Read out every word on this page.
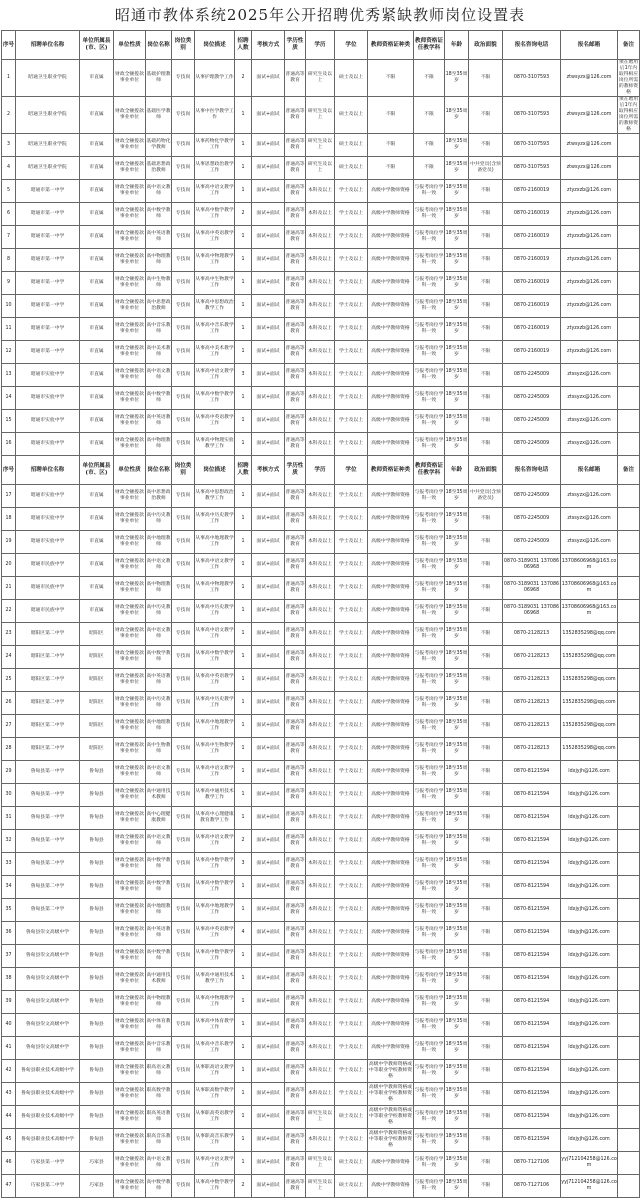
昭通市教体系统2025年公开招聘优秀紧缺教师岗位设置表
序号	招聘单位名称	单位所属县(市、区)	单位性质	岗位名称	岗位类别	岗位描述	招聘人数	考核方式	学历性质	学历	学位	教师资格证种类	教师资格证任教学科	年龄	政治面貌	报名咨询电话	报名邮箱	备注
1	昭通卫生职业学院	市直属	财政全额拨款事业单位	基础护理教师	专技岗	从事护理教学工作	2	面试+面试	普通高等教育	研究生及以上	硕士及以上	不限	不限	18至35周岁	不限	0870-3107593	ztwsyzx@126.com	须在聘用后1年内取得相应岗位所需的教师资格
2	昭通卫生职业学院	市直属	财政全额拨款事业单位	基础医学教师	专技岗	从事中医学教学工作	1	面试+面试	普通高等教育	研究生及以上	硕士及以上	不限	不限	18至35周岁	不限	0870-3107593	ztwsyzx@126.com	须在聘用后1年内取得相应岗位所需的教师资格
3	昭通卫生职业学院	市直属	财政全额拨款事业单位	基础药物化学教师	专技岗	从事药物化学教学工作	1	面试+面试	普通高等教育	研究生及以上	硕士及以上	不限	不限	18至35周岁	不限	0870-3107593	ztwsyzx@126.com	
4	昭通卫生职业学院	市直属	财政全额拨款事业单位	基础思想政治教师	专技岗	从事思想政治教学工作	1	面试+面试	普通高等教育	研究生及以上	硕士及以上	不限	不限	18至35周岁	中共党员(含预备党员)	0870-3107593	ztwsyzx@126.com	
5	昭通市第一中学	市直属	财政全额拨款事业单位	高中语文教师	专技岗	从事高中语文教学工作	1	面试+面试	普通高等教育	本科及以上	学士及以上	高级中学教师资格	与报考岗位学科一致	18至35周岁	不限	0870-2160019	ztyzxzb@126.com	
6	昭通市第一中学	市直属	财政全额拨款事业单位	高中数学教师	专技岗	从事高中数学教学工作	2	面试+面试	普通高等教育	本科及以上	学士及以上	高级中学教师资格	与报考岗位学科一致	18至35周岁	不限	0870-2160019	ztyzxzb@126.com	
7	昭通市第一中学	市直属	财政全额拨款事业单位	高中英语教师	专技岗	从事高中英语教学工作	1	面试+面试	普通高等教育	本科及以上	学士及以上	高级中学教师资格	与报考岗位学科一致	18至35周岁	不限	0870-2160019	ztyzxzb@126.com	
8	昭通市第一中学	市直属	财政全额拨款事业单位	高中物理教师	专技岗	从事高中物理教学工作	1	面试+面试	普通高等教育	本科及以上	学士及以上	高级中学教师资格	与报考岗位学科一致	18至35周岁	不限	0870-2160019	ztyzxzb@126.com	
9	昭通市第一中学	市直属	财政全额拨款事业单位	高中生物教师	专技岗	从事高中生物教学工作	1	面试+面试	普通高等教育	本科及以上	学士及以上	高级中学教师资格	与报考岗位学科一致	18至35周岁	不限	0870-2160019	ztyzxzb@126.com	
10	昭通市第一中学	市直属	财政全额拨款事业单位	高中思想政治教师	专技岗	从事高中思想政治教学工作	1	面试+面试	普通高等教育	本科及以上	学士及以上	高级中学教师资格	与报考岗位学科一致	18至35周岁	不限	0870-2160019	ztyzxzb@126.com	
11	昭通市第一中学	市直属	财政全额拨款事业单位	高中音乐教师	专技岗	从事高中音乐教学工作	1	面试+面试	普通高等教育	本科及以上	学士及以上	高级中学教师资格	与报考岗位学科一致	18至35周岁	不限	0870-2160019	ztyzxzb@126.com	
12	昭通市第一中学	市直属	财政全额拨款事业单位	高中美术教师	专技岗	从事高中美术教学工作	1	面试+面试	普通高等教育	本科及以上	学士及以上	高级中学教师资格	与报考岗位学科一致	18至35周岁	不限	0870-2160019	ztyzxzb@126.com	
13	昭通市实验中学	市直属	财政全额拨款事业单位	高中语文教师	专技岗	从事高中语文教学工作	3	面试+面试	普通高等教育	本科及以上	学士及以上	高级中学教师资格	与报考岗位学科一致	18至35周岁	不限	0870-2245009	ztssyzx@126.com	
14	昭通市实验中学	市直属	财政全额拨款事业单位	高中数学教师	专技岗	从事高中数学教学工作	1	面试+面试	普通高等教育	本科及以上	学士及以上	高级中学教师资格	与报考岗位学科一致	18至35周岁	不限	0870-2245009	ztssyzx@126.com	
15	昭通市实验中学	市直属	财政全额拨款事业单位	高中英语教师	专技岗	从事高中英语教学工作	1	面试+面试	普通高等教育	本科及以上	学士及以上	高级中学教师资格	与报考岗位学科一致	18至35周岁	不限	0870-2245009	ztssyzx@126.com	
16	昭通市实验中学	市直属	财政全额拨款事业单位	高中物理教师	专技岗	从事高中物理实验教学工作	1	面试+面试	普通高等教育	本科及以上	学士及以上	高级中学教师资格	与报考岗位学科一致	18至35周岁	不限	0870-2245009	ztssyzx@126.com	
序号	招聘单位名称	单位所属县(市、区)	单位性质	岗位名称	岗位类别	岗位描述	招聘人数	考核方式	学历性质	学历	学位	教师资格证种类	教师资格证任教学科	年龄	政治面貌	报名咨询电话	报名邮箱	备注
17	昭通市实验中学	市直属	财政全额拨款事业单位	高中思想政治教师	专技岗	从事高中思想政治教学工作	1	面试+面试	普通高等教育	本科及以上	学士及以上	高级中学教师资格	与报考岗位学科一致	18至35周岁	中共党员(含预备党员)	0870-2245009	ztssyzx@126.com	
18	昭通市实验中学	市直属	财政全额拨款事业单位	高中历史教师	专技岗	从事高中历史教学工作	1	面试+面试	普通高等教育	本科及以上	学士及以上	高级中学教师资格	与报考岗位学科一致	18至35周岁	不限	0870-2245009	ztssyzx@126.com	
19	昭通市实验中学	市直属	财政全额拨款事业单位	高中地理教师	专技岗	从事高中地理教学工作	1	面试+面试	普通高等教育	本科及以上	学士及以上	高级中学教师资格	与报考岗位学科一致	18至35周岁	不限	0870-2245009	ztssyzx@126.com	
20	昭通市民族中学	市直属	财政全额拨款事业单位	高中语文教师	专技岗	从事高中语文教学工作	1	面试+面试	普通高等教育	本科及以上	学士及以上	高级中学教师资格	与报考岗位学科一致	18至35周岁	不限	0870-3189031 13708606968	13708606968@163.com	
21	昭通市民族中学	市直属	财政全额拨款事业单位	高中物理教师	专技岗	从事高中物理教学工作	1	面试+面试	普通高等教育	本科及以上	学士及以上	高级中学教师资格	与报考岗位学科一致	18至35周岁	不限	0870-3189031 13708606968	13708606968@163.com	
22	昭通市民族中学	市直属	财政全额拨款事业单位	高中历史教师	专技岗	从事高中历史教学工作	1	面试+面试	普通高等教育	本科及以上	学士及以上	高级中学教师资格	与报考岗位学科一致	18至35周岁	不限	0870-3189031 13708606968	13708606968@163.com	
23	昭阳区第二中学	昭阳区	财政全额拨款事业单位	高中语文教师	专技岗	从事高中语文教学工作	1	面试+面试	普通高等教育	本科及以上	学士及以上	高级中学教师资格	与报考岗位学科一致	18至35周岁	不限	0870-2128213	1352835298@qq.com	
24	昭阳区第二中学	昭阳区	财政全额拨款事业单位	高中数学教师	专技岗	从事高中数学教学工作	1	面试+面试	普通高等教育	本科及以上	学士及以上	高级中学教师资格	与报考岗位学科一致	18至35周岁	不限	0870-2128213	1352835298@qq.com	
25	昭阳区第二中学	昭阳区	财政全额拨款事业单位	高中英语教师	专技岗	从事高中英语教学工作	1	面试+面试	普通高等教育	本科及以上	学士及以上	高级中学教师资格	与报考岗位学科一致	18至35周岁	不限	0870-2128213	1352835298@qq.com	
26	昭阳区第二中学	昭阳区	财政全额拨款事业单位	高中历史教师	专技岗	从事高中历史教学工作	1	面试+面试	普通高等教育	本科及以上	学士及以上	高级中学教师资格	与报考岗位学科一致	18至35周岁	不限	0870-2128213	1352835298@qq.com	
27	昭阳区第二中学	昭阳区	财政全额拨款事业单位	高中地理教师	专技岗	从事高中地理教学工作	1	面试+面试	普通高等教育	本科及以上	学士及以上	高级中学教师资格	与报考岗位学科一致	18至35周岁	不限	0870-2128213	1352835298@qq.com	
28	昭阳区第二中学	昭阳区	财政全额拨款事业单位	高中生物教师	专技岗	从事高中生物教学工作	1	面试+面试	普通高等教育	本科及以上	学士及以上	高级中学教师资格	与报考岗位学科一致	18至35周岁	不限	0870-2128213	1352835298@qq.com	
29	鲁甸县第一中学	鲁甸县	财政全额拨款事业单位	高中语文教师	专技岗	从事高中语文教学工作	1	面试+面试	普通高等教育	本科及以上	学士及以上	高级中学教师资格	与报考岗位学科一致	18至35周岁	不限	0870-8121594	ldxjyjh@126.com	
30	鲁甸县第一中学	鲁甸县	财政全额拨款事业单位	高中通用技术教师	专技岗	从事高中通用技术教学工作	1	面试+面试	普通高等教育	本科及以上	学士及以上	高级中学教师资格	与报考岗位学科一致	18至35周岁	不限	0870-8121594	ldxjyjh@126.com	
31	鲁甸县第一中学	鲁甸县	财政全额拨款事业单位	高中心理健康教师	专技岗	从事高中心理健康教育教学工作	1	面试+面试	普通高等教育	本科及以上	学士及以上	高级中学教师资格	与报考岗位学科一致	18至35周岁	不限	0870-8121594	ldxjyjh@126.com	
32	鲁甸县第一中学	鲁甸县	财政全额拨款事业单位	高中语文教师	专技岗	从事高中语文教学工作	2	面试+面试	普通高等教育	本科及以上	学士及以上	高级中学教师资格	与报考岗位学科一致	18至35周岁	不限	0870-8121594	ldxjyjh@126.com	
33	鲁甸县第二中学	鲁甸县	财政全额拨款事业单位	高中数学教师	专技岗	从事高中数学教学工作	3	面试+面试	普通高等教育	本科及以上	学士及以上	高级中学教师资格	与报考岗位学科一致	18至35周岁	不限	0870-8121594	ldxjyjh@126.com	
34	鲁甸县第二中学	鲁甸县	财政全额拨款事业单位	高中数学教师	专技岗	从事高中数学教学工作	1	面试+面试	普通高等教育	本科及以上	学士及以上	高级中学教师资格	与报考岗位学科一致	18至35周岁	不限	0870-8121594	ldxjyjh@126.com	
35	鲁甸县第二中学	鲁甸县	财政全额拨款事业单位	高中地理教师	专技岗	从事高中地理教学工作	1	面试+面试	普通高等教育	本科及以上	学士及以上	高级中学教师资格	与报考岗位学科一致	18至35周岁	不限	0870-8121594	ldxjyjh@126.com	
36	鲁甸县崇文高级中学	鲁甸县	财政全额拨款事业单位	高中英语教师	专技岗	从事高中英语教学工作	4	面试+面试	普通高等教育	本科及以上	学士及以上	高级中学教师资格	与报考岗位学科一致	18至35周岁	不限	0870-8121594	ldxjyjh@126.com	
37	鲁甸县崇文高级中学	鲁甸县	财政全额拨款事业单位	高中数学教师	专技岗	从事高中数学教学工作	1	面试+面试	普通高等教育	本科及以上	学士及以上	高级中学教师资格	与报考岗位学科一致	18至35周岁	不限	0870-8121594	ldxjyjh@126.com	
38	鲁甸县崇文高级中学	鲁甸县	财政全额拨款事业单位	高中通用技术教师	专技岗	从事高中通用技术教学工作	1	面试+面试	普通高等教育	本科及以上	学士及以上	高级中学教师资格	与报考岗位学科一致	18至35周岁	不限	0870-8121594	ldxjyjh@126.com	
39	鲁甸县崇文高级中学	鲁甸县	财政全额拨款事业单位	高中物理教师	专技岗	从事高中物理教学工作	1	面试+面试	普通高等教育	本科及以上	学士及以上	高级中学教师资格	与报考岗位学科一致	18至35周岁	不限	0870-8121594	ldxjyjh@126.com	
40	鲁甸县崇文高级中学	鲁甸县	财政全额拨款事业单位	高中体育教师	专技岗	从事高中体育教学工作	1	面试+面试	普通高等教育	本科及以上	学士及以上	高级中学教师资格	与报考岗位学科一致	18至35周岁	不限	0870-8121594	ldxjyjh@126.com	
41	鲁甸县崇文高级中学	鲁甸县	财政全额拨款事业单位	高中音乐教师	专技岗	从事高中音乐教学工作	1	面试+面试	普通高等教育	本科及以上	学士及以上	高级中学教师资格	与报考岗位学科一致	18至35周岁	不限	0870-8121594	ldxjyjh@126.com	
42	鲁甸县职业技术高级中学	鲁甸县	财政全额拨款事业单位	职高语文教师	专技岗	从事职高语文教学工作	1	面试+面试	普通高等教育	本科及以上	学士及以上	高级中学教师资格或中等职业学校教师资格	与报考岗位学科一致	18至35周岁	不限	0870-8121594	ldxjyjh@126.com	
43	鲁甸县职业技术高级中学	鲁甸县	财政全额拨款事业单位	职高数学教师	专技岗	从事职高数学教学工作	1	面试+面试	普通高等教育	本科及以上	学士及以上	高级中学教师资格或中等职业学校教师资格	与报考岗位学科一致	18至35周岁	不限	0870-8121594	ldxjyjh@126.com	
44	鲁甸县职业技术高级中学	鲁甸县	财政全额拨款事业单位	职高英语教师	专技岗	从事职高英语教学工作	1	面试+面试	普通高等教育	研究生及以上	硕士及以上	高级中学教师资格或中等职业学校教师资格	与报考岗位学科一致	18至35周岁	不限	0870-8121594	ldxjyjh@126.com	
45	鲁甸县职业技术高级中学	鲁甸县	财政全额拨款事业单位	职高音乐教师	专技岗	从事职高音乐教学工作	1	面试+面试	普通高等教育	本科及以上	学士及以上	高级中学教师资格或中等职业学校教师资格	与报考岗位学科一致	18至35周岁	不限	0870-8121594	ldxjyjh@126.com	
46	巧家县第一中学	巧家县	财政全额拨款事业单位	高中语文教师	专技岗	从事高中语文教学工作	1	面试+面试	普通高等教育	研究生及以上	硕士及以上	高级中学教师资格	与报考岗位学科一致	18至35周岁	不限	0870-7127106	yyj712104258@126.com	
47	巧家县第二中学	巧家县	财政全额拨款事业单位	高中数学教师	专技岗	从事高中数学教学工作	2	面试+面试	普通高等教育	研究生及以上	硕士及以上	高级中学教师资格	与报考岗位学科一致	18至35周岁	不限	0870-7127106	yyj712104258@126.com	
